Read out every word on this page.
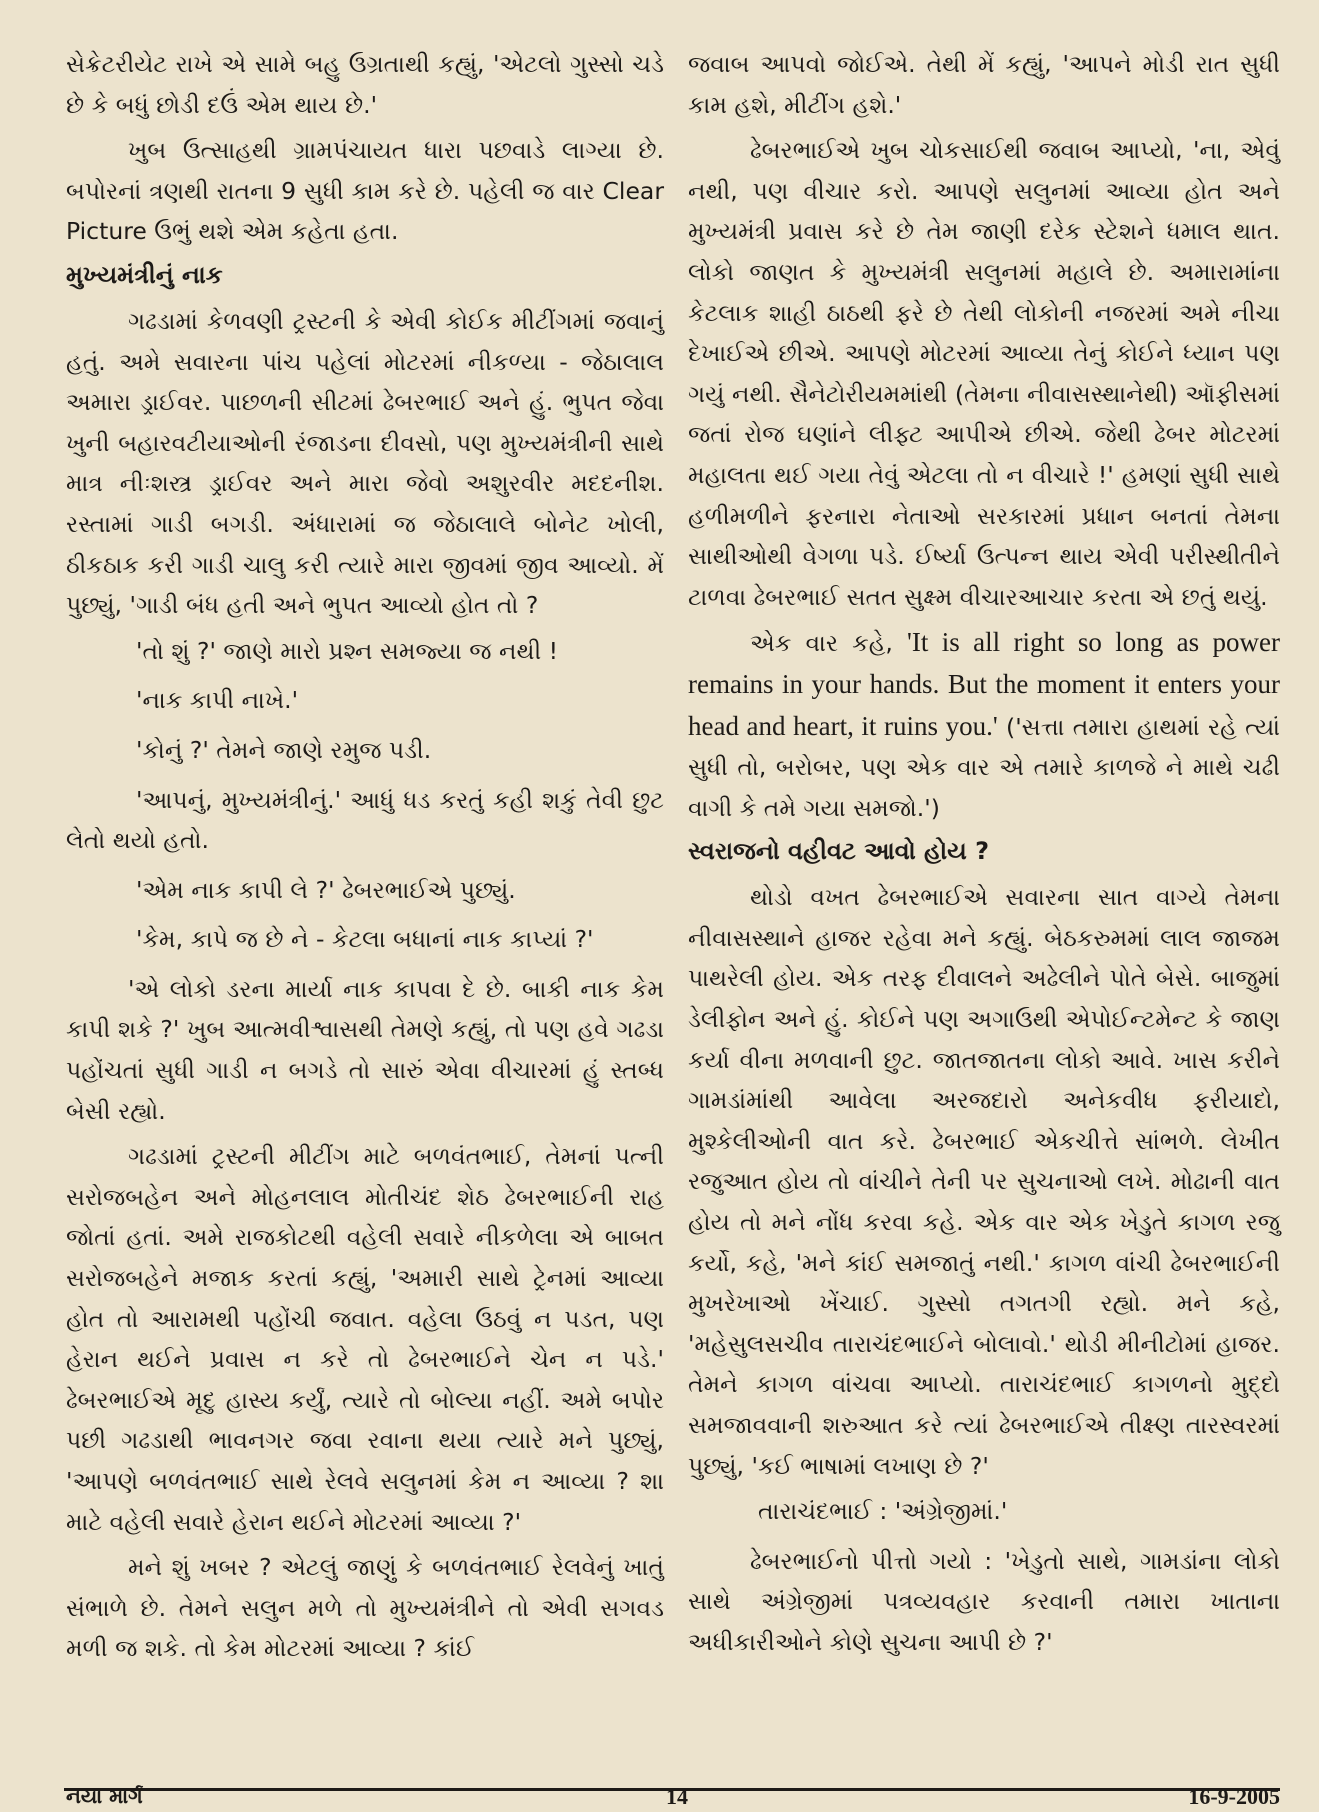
સેક્રેટરીયેટ રાખે એ સામે બહુ ઉગ્રતાથી કહ્યું, 'એટલો ગુસ્સો ચડે છે કે બધું છોડી દઉં એમ થાય છે.'

ખુબ ઉત્સાહથી ગ્રામપંચાયત ધારા પછવાડે લાગ્યા છે. બપોરનાં ત્રણથી રાતના 9 સુધી કામ કરે છે. પહેલી જ વાર Clear Picture ઉભું થશે એમ કહેતા હતા.

મુખ્યમંત્રીનું નાક

ગઢડામાં કેળવણી ટ્રસ્ટની કે એવી કોઈક મીટીંગમાં જવાનું હતું. અમે સવારના પાંચ પહેલાં મોટરમાં નીકળ્યા - જેઠાલાલ અમારા ડ્રાઈવર. પાછળની સીટમાં ઢેબરભાઈ અને હું. ભુપત જેવા ખુની બહારવટીયાઓની રંજાડના દીવસો, પણ મુખ્યમંત્રીની સાથે માત્ર નીઃશસ્ત્ર ડ્રાઈવર અને મારા જેવો અશુરવીર મદદનીશ. રસ્તામાં ગાડી બગડી. અંધારામાં જ જેઠાલાલે બોનેટ ખોલી, ઠીકઠાક કરી ગાડી ચાલુ કરી ત્યારે મારા જીવમાં જીવ આવ્યો. મેં પુછ્યું, 'ગાડી બંધ હતી અને ભુપત આવ્યો હોત તો ?

'તો શું ?' જાણે મારો પ્રશ્ન સમજ્યા જ નથી !

'નાક કાપી નાખે.'

'કોનું ?' તેમને જાણે રમુજ પડી.

'આપનું, મુખ્યમંત્રીનું.' આધું ધડ કરતું કહી શકું તેવી છુટ લેતો થયો હતો.

'એમ નાક કાપી લે ?' ઢેબરભાઈએ પુછ્યું.

'કેમ, કાપે જ છે ને - કેટલા બધાનાં નાક કાપ્યાં ?'

'એ લોકો ડરના માર્યા નાક કાપવા દે છે. બાકી નાક કેમ કાપી શકે ?' ખુબ આત્મવીશ્વાસથી તેમણે કહ્યું, તો પણ હવે ગઢડા પહોંચતાં સુધી ગાડી ન બગડે તો સારું એવા વીચારમાં હું સ્તબ્ધ બેસી રહ્યો.

ગઢડામાં ટ્રસ્ટની મીટીંગ માટે બળવંતભાઈ, તેમનાં પત્ની સરોજબહેન અને મોહનલાલ મોતીચંદ શેઠ ઢેબરભાઈની રાહ જોતાં હતાં. અમે રાજકોટથી વહેલી સવારે નીકળેલા એ બાબત સરોજબહેને મજાક કરતાં કહ્યું, 'અમારી સાથે ટ્રેનમાં આવ્યા હોત તો આરામથી પહોંચી જવાત. વહેલા ઉઠવું ન પડત, પણ હેરાન થઈને પ્રવાસ ન કરે તો ઢેબરભાઈને ચેન ન પડે.' ઢેબરભાઈએ મૃદુ હાસ્ય કર્યું, ત્યારે તો બોલ્યા નહીં. અમે બપોર પછી ગઢડાથી ભાવનગર જવા રવાના થયા ત્યારે મને પુછ્યું, 'આપણે બળવંતભાઈ સાથે રેલવે સલુનમાં કેમ ન આવ્યા ? શા માટે વહેલી સવારે હેરાન થઈને મોટરમાં આવ્યા ?'

મને શું ખબર ? એટલું જાણું કે બળવંતભાઈ રેલવેનું ખાતું સંભાળે છે. તેમને સલુન મળે તો મુખ્યમંત્રીને તો એવી સગવડ મળી જ શકે. તો કેમ મોટરમાં આવ્યા ? કાંઈ

જવાબ આપવો જોઈએ. તેથી મેં કહ્યું, 'આપને મોડી રાત સુધી કામ હશે, મીટીંગ હશે.'

ઢેબરભાઈએ ખુબ ચોકસાઈથી જવાબ આપ્યો, 'ના, એવું નથી, પણ વીચાર કરો. આપણે સલુનમાં આવ્યા હોત અને મુખ્યમંત્રી પ્રવાસ કરે છે તેમ જાણી દરેક સ્ટેશને ધમાલ થાત. લોકો જાણત કે મુખ્યમંત્રી સલુનમાં મહાલે છે. અમારામાંના કેટલાક શાહી ઠાઠથી ફરે છે તેથી લોકોની નજરમાં અમે નીચા દેખાઈએ છીએ. આપણે મોટરમાં આવ્યા તેનું કોઈને ધ્યાન પણ ગયું નથી. સૈનેટોરીયમમાંથી (તેમના નીવાસસ્થાનેથી) ઑફીસમાં જતાં રોજ ઘણાંને લીફ્ટ આપીએ છીએ. જેથી ઢેબર મોટરમાં મહાલતા થઈ ગયા તેવું એટલા તો ન વીચારે !' હમણાં સુધી સાથે હળીમળીને ફરનારા નેતાઓ સરકારમાં પ્રધાન બનતાં તેમના સાથીઓથી વેગળા પડે. ઈર્ષ્યા ઉત્પન્ન થાય એવી પરીસ્થીતીને ટાળવા ઢેબરભાઈ સતત સુક્ષ્મ વીચારઆચાર કરતા એ છતું થયું.

એક વાર કહે, 'It is all right so long as power remains in your hands. But the moment it enters your head and heart, it ruins you.' ('સત્તા તમારા હાથમાં રહે ત્યાં સુધી તો, બરોબર, પણ એક વાર એ તમારે કાળજે ને માથે ચઢી વાગી કે તમે ગયા સમજો.')

સ્વરાજનો વહીવટ આવો હોય ?

થોડો વખત ઢેબરભાઈએ સવારના સાત વાગ્યે તેમના નીવાસસ્થાને હાજર રહેવા મને કહ્યું. બેઠકરુમમાં લાલ જાજમ પાથરેલી હોય. એક તરફ દીવાલને અઢેલીને પોતે બેસે. બાજુમાં ડેલીફોન અને હું. કોઈને પણ અગાઉથી એપોઈન્ટમેન્ટ કે જાણ કર્યા વીના મળવાની છુટ. જાતજાતના લોકો આવે. ખાસ કરીને ગામડાંમાંથી આવેલા અરજદારો અનેકવીધ ફરીયાદો, મુશ્કેલીઓની વાત કરે. ઢેબરભાઈ એકચીત્તે સાંભળે. લેખીત રજુઆત હોય તો વાંચીને તેની પર સુચનાઓ લખે. મોઢાની વાત હોય તો મને નોંધ કરવા કહે. એક વાર એક ખેડુતે કાગળ રજુ કર્યો, કહે, 'મને કાંઈ સમજાતું નથી.' કાગળ વાંચી ઢેબરભાઈની મુખરેખાઓ ખેંચાઈ. ગુસ્સો તગતગી રહ્યો. મને કહે, 'મહેસુલસચીવ તારાચંદભાઈને બોલાવો.' થોડી મીનીટોમાં હાજર. તેમને કાગળ વાંચવા આપ્યો. તારાચંદભાઈ કાગળનો મુદ્દો સમજાવવાની શરુઆત કરે ત્યાં ઢેબરભાઈએ તીક્ષ્ણ તારસ્વરમાં પુછ્યું, 'કઈ ભાષામાં લખાણ છે ?'

તારાચંદભાઈ : 'અંગ્રેજીમાં.'

ઢેબરભાઈનો પીત્તો ગયો : 'ખેડુતો સાથે, ગામડાંના લોકો સાથે અંગ્રેજીમાં પત્રવ્યવહાર કરવાની તમારા ખાતાના અધીકારીઓને કોણે સુચના આપી છે ?'

નયા માર્ગ	14	16-9-2005
